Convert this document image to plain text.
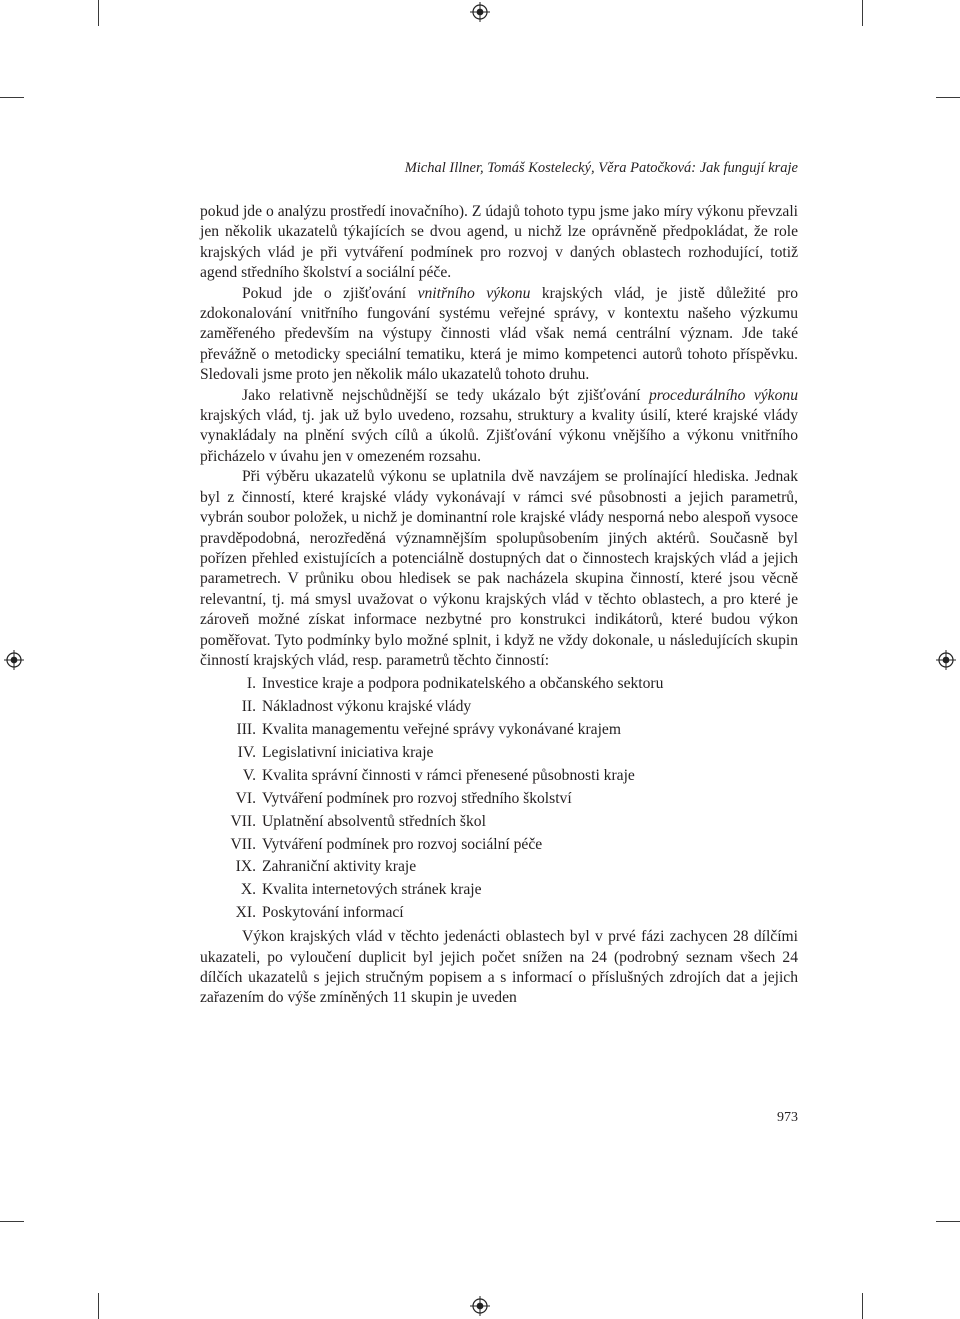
Michal Illner, Tomáš Kostelecký, Věra Patočková: Jak fungují kraje

pokud jde o analýzu prostředí inovačního). Z údajů tohoto typu jsme jako míry výkonu převzali jen několik ukazatelů týkajících se dvou agend, u nichž lze oprávněně předpokládat, že role krajských vlád je při vytváření podmínek pro rozvoj v daných oblastech rozhodující, totiž agend středního školství a sociální péče.

Pokud jde o zjišťování vnitřního výkonu krajských vlád, je jistě důležité pro zdokonalování vnitřního fungování systému veřejné správy, v kontextu našeho výzkumu zaměřeného především na výstupy činnosti vlád však nemá centrální význam. Jde také převážně o metodicky speciální tematiku, která je mimo kompetenci autorů tohoto příspěvku. Sledovali jsme proto jen několik málo ukazatelů tohoto druhu.

Jako relativně nejschůdnější se tedy ukázalo být zjišťování procedurálního výkonu krajských vlád, tj. jak už bylo uvedeno, rozsahu, struktury a kvality úsilí, které krajské vlády vynakládaly na plnění svých cílů a úkolů. Zjišťování výkonu vnějšího a výkonu vnitřního přicházelo v úvahu jen v omezeném rozsahu.

Při výběru ukazatelů výkonu se uplatnila dvě navzájem se prolínající hlediska. Jednak byl z činností, které krajské vlády vykonávají v rámci své působnosti a jejich parametrů, vybrán soubor položek, u nichž je dominantní role krajské vlády nesporná nebo alespoň vysoce pravděpodobná, nerozředěná významnějším spolupůsobením jiných aktérů. Současně byl pořízen přehled existujících a potenciálně dostupných dat o činnostech krajských vlád a jejich parametrech. V průniku obou hledisek se pak nacházela skupina činností, které jsou věcně relevantní, tj. má smysl uvažovat o výkonu krajských vlád v těchto oblastech, a pro které je zároveň možné získat informace nezbytné pro konstrukci indikátorů, které budou výkon poměřovat. Tyto podmínky bylo možné splnit, i když ne vždy dokonale, u následujících skupin činností krajských vlád, resp. parametrů těchto činností:

I. Investice kraje a podpora podnikatelského a občanského sektoru
II. Nákladnost výkonu krajské vlády
III. Kvalita managementu veřejné správy vykonávané krajem
IV. Legislativní iniciativa kraje
V. Kvalita správní činnosti v rámci přenesené působnosti kraje
VI. Vytváření podmínek pro rozvoj středního školství
VII. Uplatnění absolventů středních škol
VII. Vytváření podmínek pro rozvoj sociální péče
IX. Zahraniční aktivity kraje
X. Kvalita internetových stránek kraje
XI. Poskytování informací

Výkon krajských vlád v těchto jedenácti oblastech byl v prvé fázi zachycen 28 dílčími ukazateli, po vyloučení duplicit byl jejich počet snížen na 24 (podrobný seznam všech 24 dílčích ukazatelů s jejich stručným popisem a s informací o příslušných zdrojích dat a jejich zařazením do výše zmíněných 11 skupin je uveden

973
